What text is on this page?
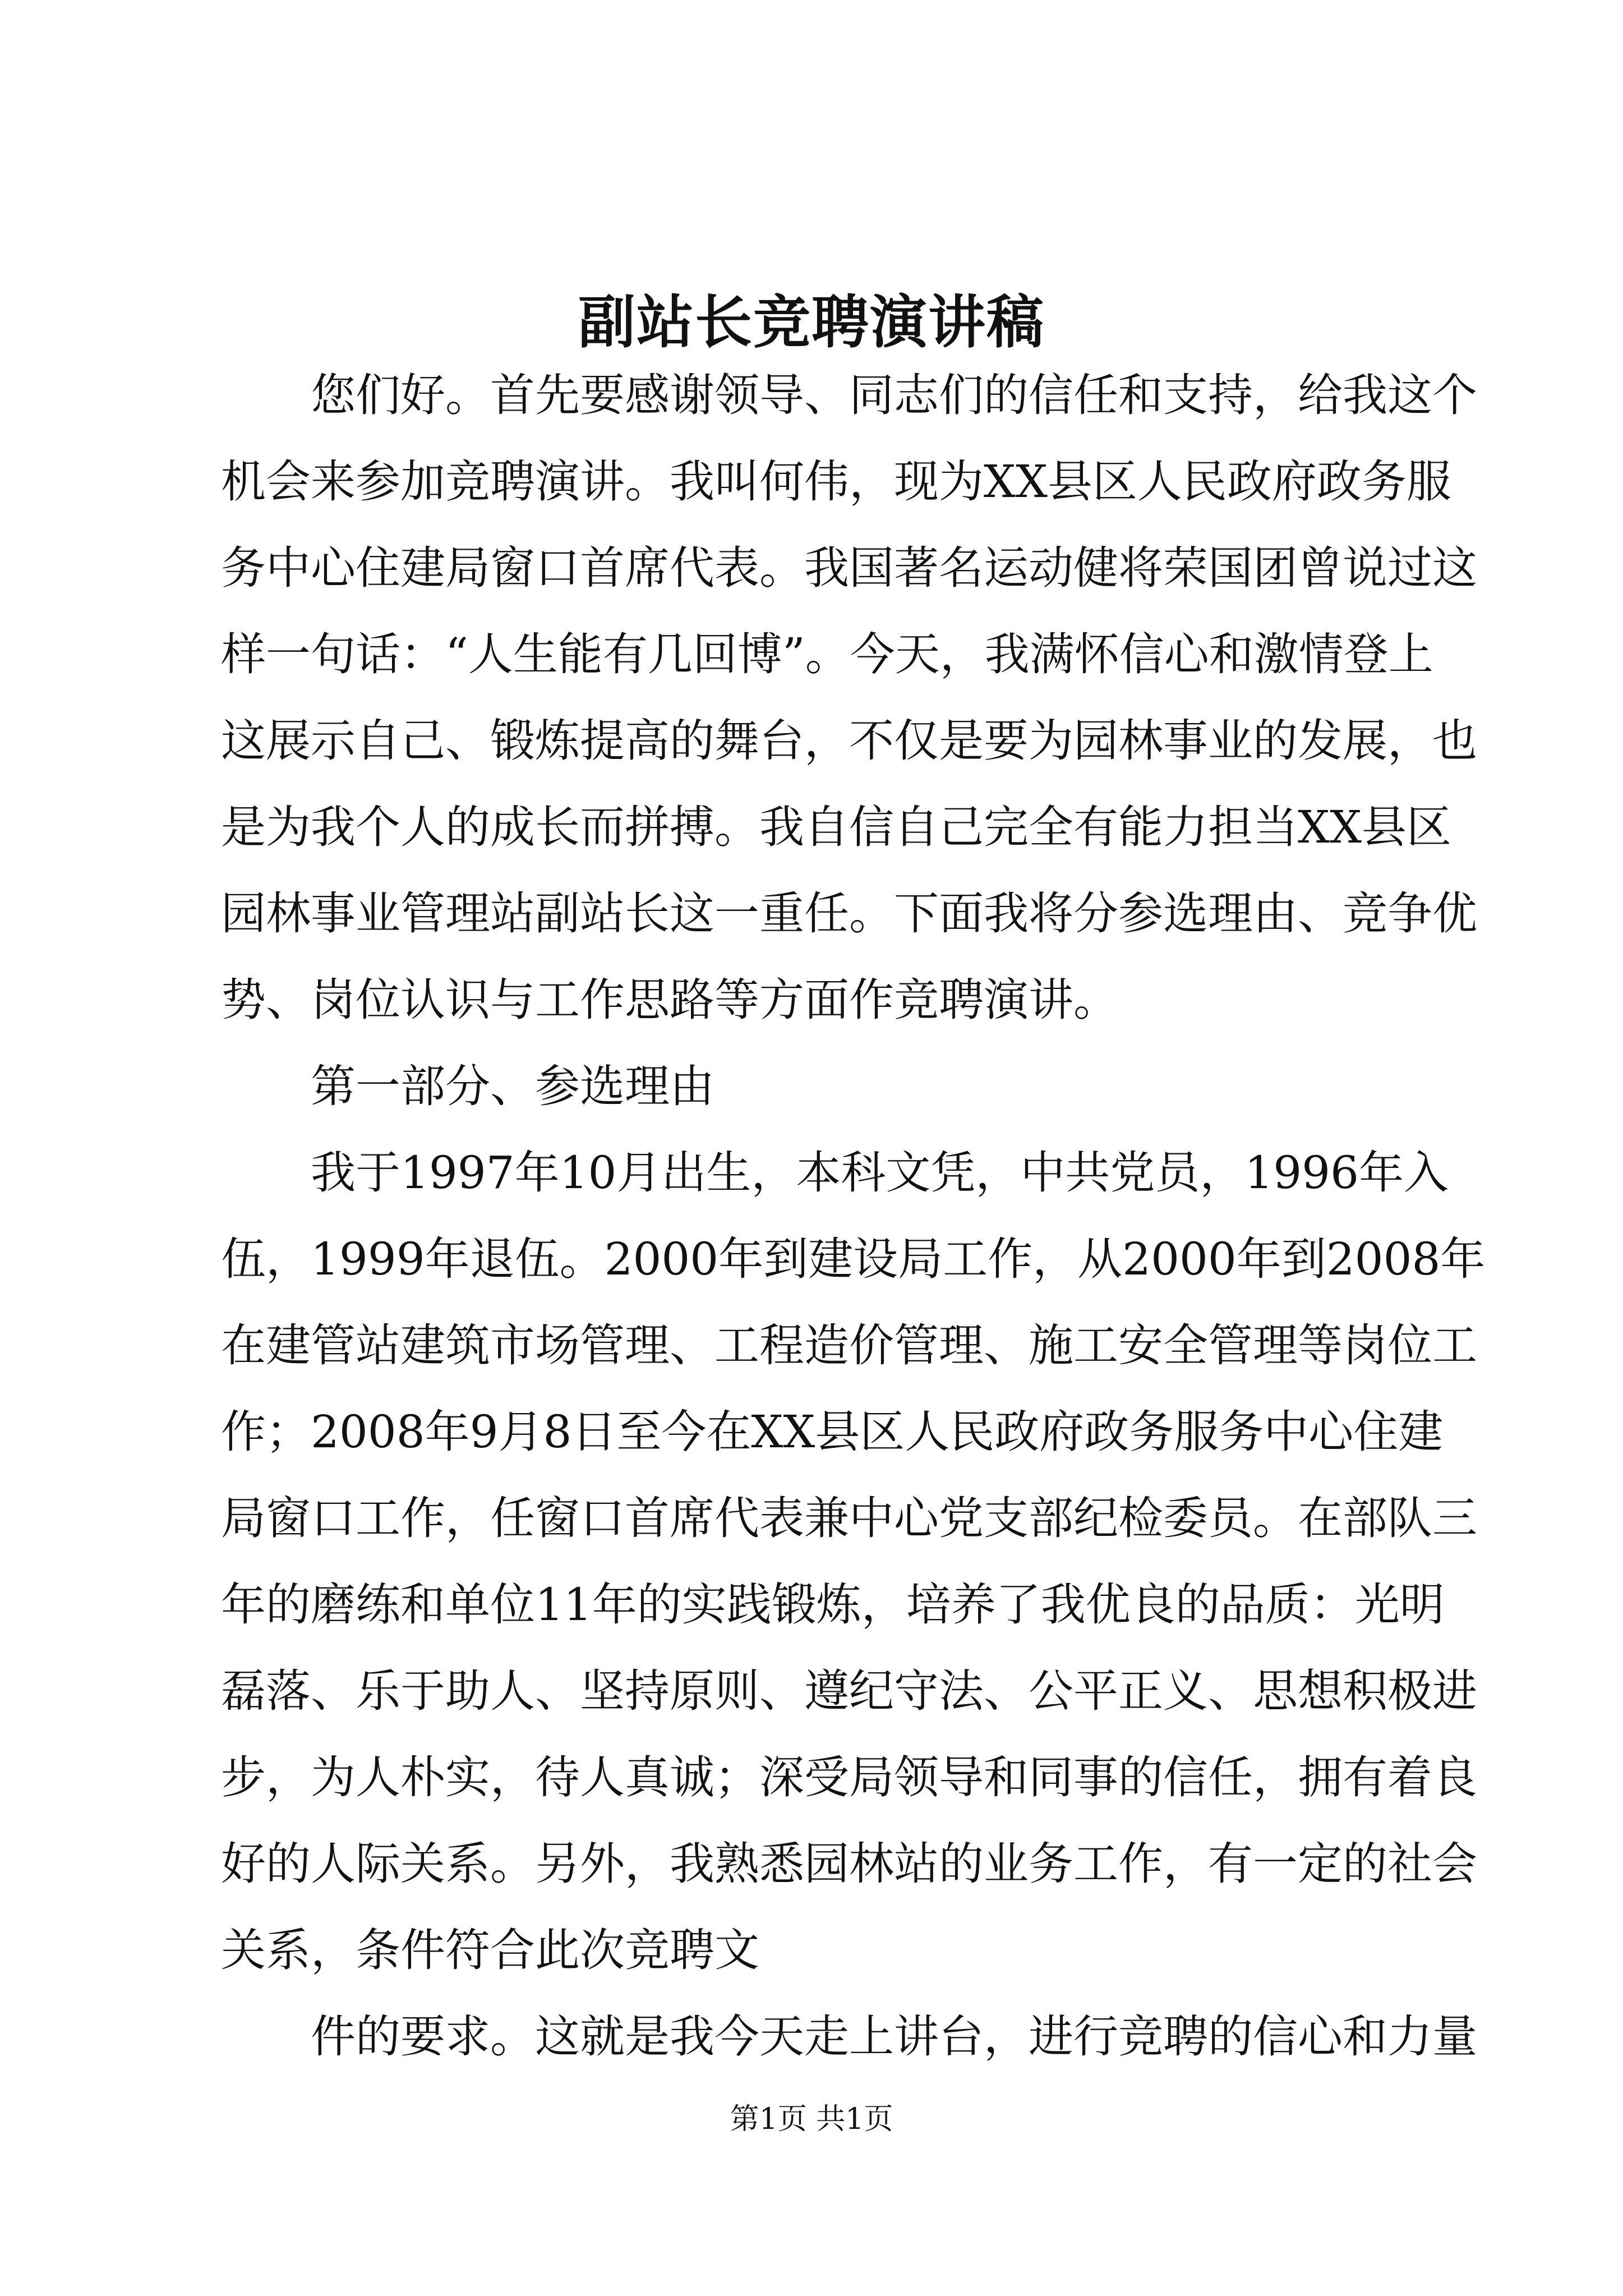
副站长竞聘演讲稿
您们好。首先要感谢领导、同志们的信任和支持，给我这个
机会来参加竞聘演讲。我叫何伟，现为XX县区人民政府政务服
务中心住建局窗口首席代表。我国著名运动健将荣国团曾说过这
样一句话：“人生能有几回博”。今天，我满怀信心和激情登上
这展示自己、锻炼提高的舞台，不仅是要为园林事业的发展，也
是为我个人的成长而拼搏。我自信自己完全有能力担当XX县区
园林事业管理站副站长这一重任。下面我将分参选理由、竞争优
势、岗位认识与工作思路等方面作竞聘演讲。
第一部分、参选理由
我于1997年10月出生，本科文凭，中共党员，1996年入
伍，1999年退伍。2000年到建设局工作，从2000年到2008年
在建管站建筑市场管理、工程造价管理、施工安全管理等岗位工
作；2008年9月8日至今在XX县区人民政府政务服务中心住建
局窗口工作，任窗口首席代表兼中心党支部纪检委员。在部队三
年的磨练和单位11年的实践锻炼，培养了我优良的品质：光明
磊落、乐于助人、坚持原则、遵纪守法、公平正义、思想积极进
步，为人朴实，待人真诚；深受局领导和同事的信任，拥有着良
好的人际关系。另外，我熟悉园林站的业务工作，有一定的社会
关系，条件符合此次竞聘文
件的要求。这就是我今天走上讲台，进行竞聘的信心和力量
第1页 共1页
